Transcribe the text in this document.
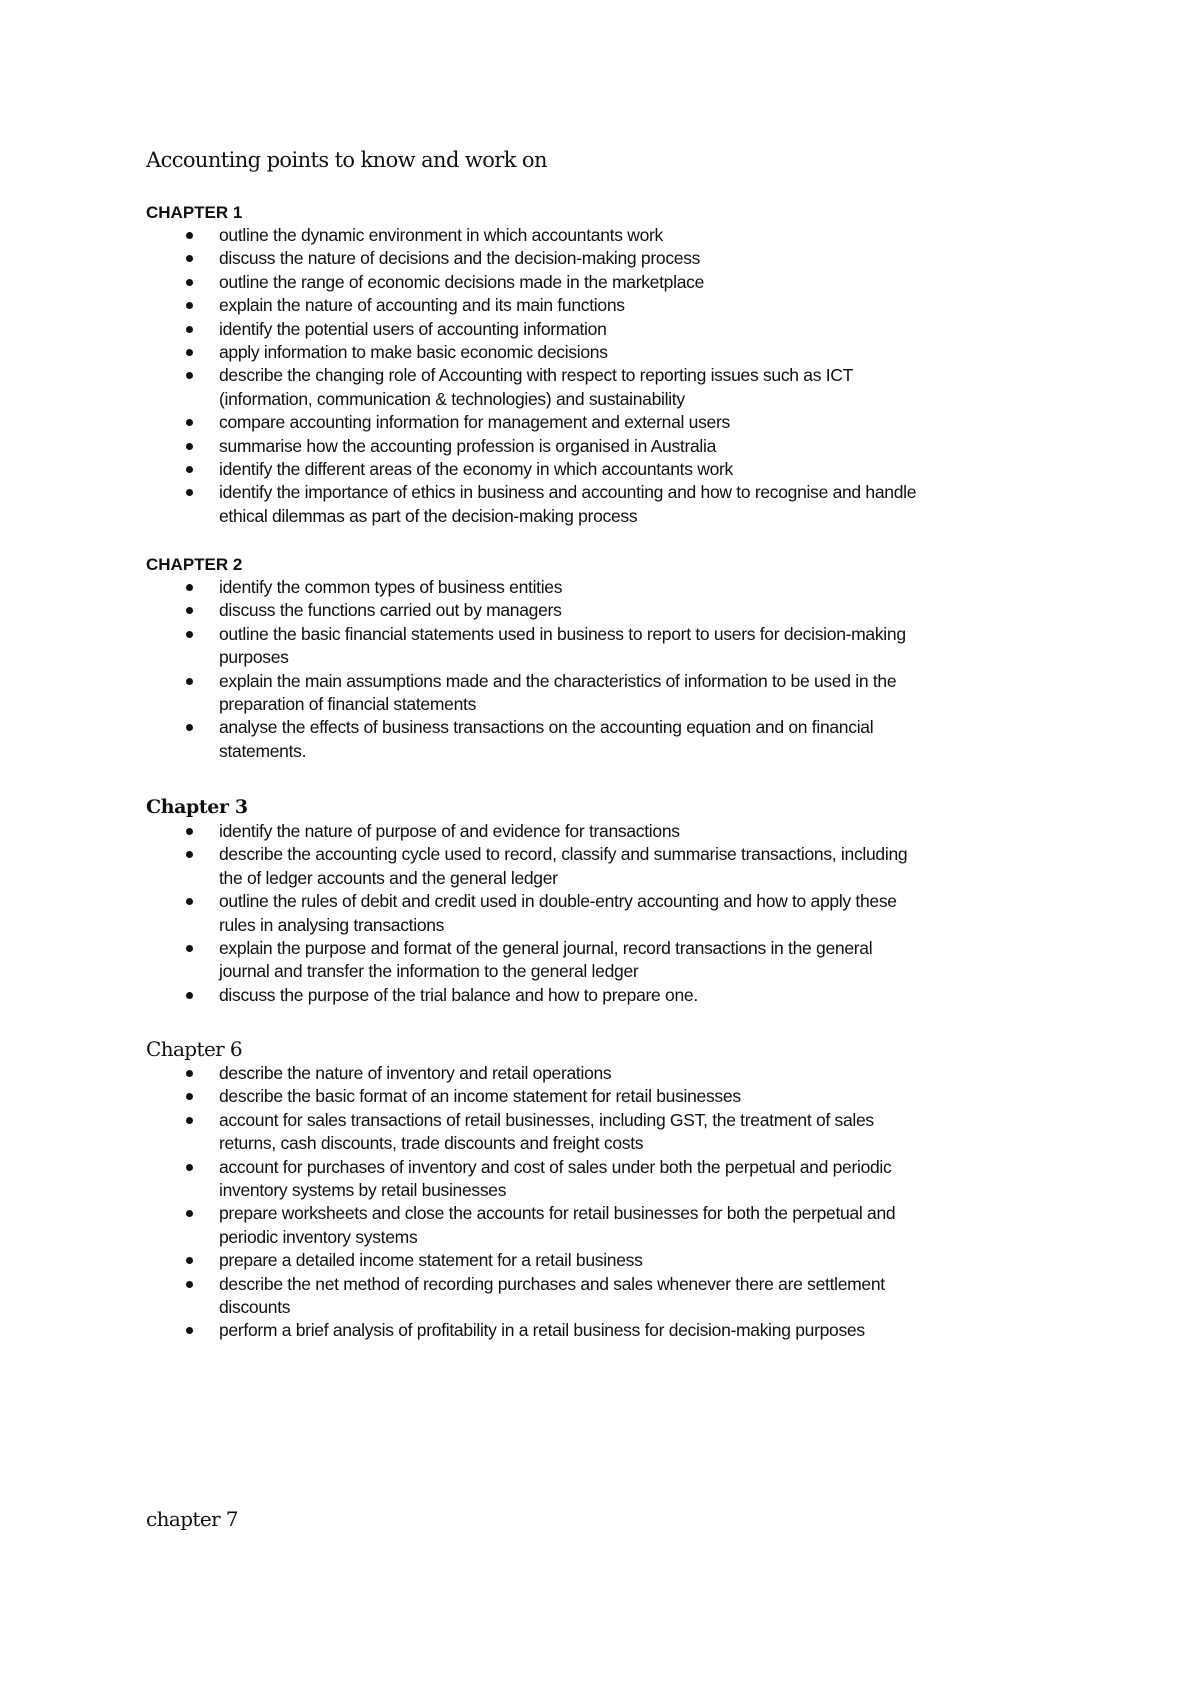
Accounting points to know and work on
CHAPTER 1
outline the dynamic environment in which accountants work
discuss the nature of decisions and the decision-making process
outline the range of economic decisions made in the marketplace
explain the nature of accounting and its main functions
identify the potential users of accounting information
apply information to make basic economic decisions
describe the changing role of Accounting with respect to reporting issues such as ICT
(information, communication & technologies) and sustainability
compare accounting information for management and external users
summarise how the accounting profession is organised in Australia
identify the different areas of the economy in which accountants work
identify the importance of ethics in business and accounting and how to recognise and handle
ethical dilemmas as part of the decision-making process
CHAPTER 2
identify the common types of business entities
discuss the functions carried out by managers
outline the basic financial statements used in business to report to users for decision-making
purposes
explain the main assumptions made and the characteristics of information to be used in the
preparation of financial statements
analyse the effects of business transactions on the accounting equation and on financial
statements.
Chapter 3
identify the nature of purpose of and evidence for transactions
describe the accounting cycle used to record, classify and summarise transactions, including
the of ledger accounts and the general ledger
outline the rules of debit and credit used in double-entry accounting and how to apply these
rules in analysing transactions
explain the purpose and format of the general journal, record transactions in the general
journal and transfer the information to the general ledger
discuss the purpose of the trial balance and how to prepare one.
Chapter 6
describe the nature of inventory and retail operations
describe the basic format of an income statement for retail businesses
account for sales transactions of retail businesses, including GST, the treatment of sales
returns, cash discounts, trade discounts and freight costs
account for purchases of inventory and cost of sales under both the perpetual and periodic
inventory systems by retail businesses
prepare worksheets and close the accounts for retail businesses for both the perpetual and
periodic inventory systems
prepare a detailed income statement for a retail business
describe the net method of recording purchases and sales whenever there are settlement
discounts
perform a brief analysis of profitability in a retail business for decision-making purposes
chapter 7
